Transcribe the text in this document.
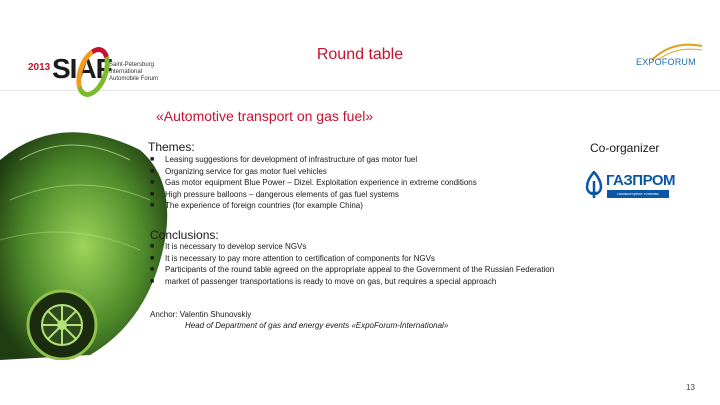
2013 SIAF
Saint-Petersburg International Automobile Forum
Round table	EXPOFORUM
«Automotive transport on gas fuel»
Themes:	Co-organizer
■ Leasing suggestions for development of infrastructure of gas motor fuel
■ Organizing service for gas motor fuel vehicles
■ Gas motor equipment Blue Power – Dizel. Exploitation experience in extreme conditions
■ High pressure balloons – dangerous elements of gas fuel systems
■ The experience of foreign countries (for example China)
ГАЗПРОМ
газомоторное топливо
Conclusions:
■ It is necessary to develop service NGVs
■ It is necessary to pay more attention to certification of components for NGVs
■ Participants of the round table agreed on the appropriate appeal to the Government of the Russian Federation
■ market of passenger transportations is ready to move on gas, but requires a special approach
Anchor: Valentin Shunovskiy
Head of Department of gas and energy events «ExpoForum-International»
13
